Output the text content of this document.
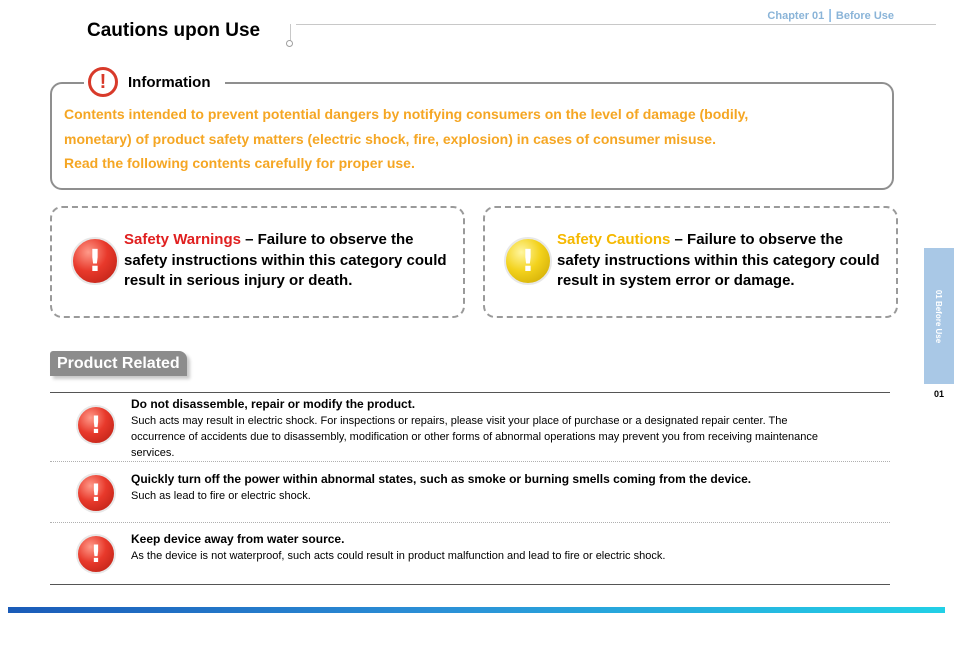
Chapter 01 | Before Use
Cautions upon Use
!	Information
Contents intended to prevent potential dangers by notifying consumers on the level of damage (bodily, monetary) of product safety matters (electric shock, fire, explosion) in cases of consumer misuse. Read the following contents carefully for proper use.
!
Safety Warnings – Failure to observe the safety instructions within this category could result in serious injury or death.
!
Safety Cautions – Failure to observe the safety instructions within this category could result in system error or damage.
Product Related
!
Do not disassemble, repair or modify the product.
Such acts may result in electric shock. For inspections or repairs, please visit your place of purchase or a designated repair center. The occurrence of accidents due to disassembly, modification or other forms of abnormal operations may prevent you from receiving maintenance services.
!	Quickly turn off the power within abnormal states, such as smoke or burning smells coming from the device.
Such as lead to fire or electric shock.
!
Keep device away from water source.
As the device is not waterproof, such acts could result in product malfunction and lead to fire or electric shock.
01 Before Use
01
